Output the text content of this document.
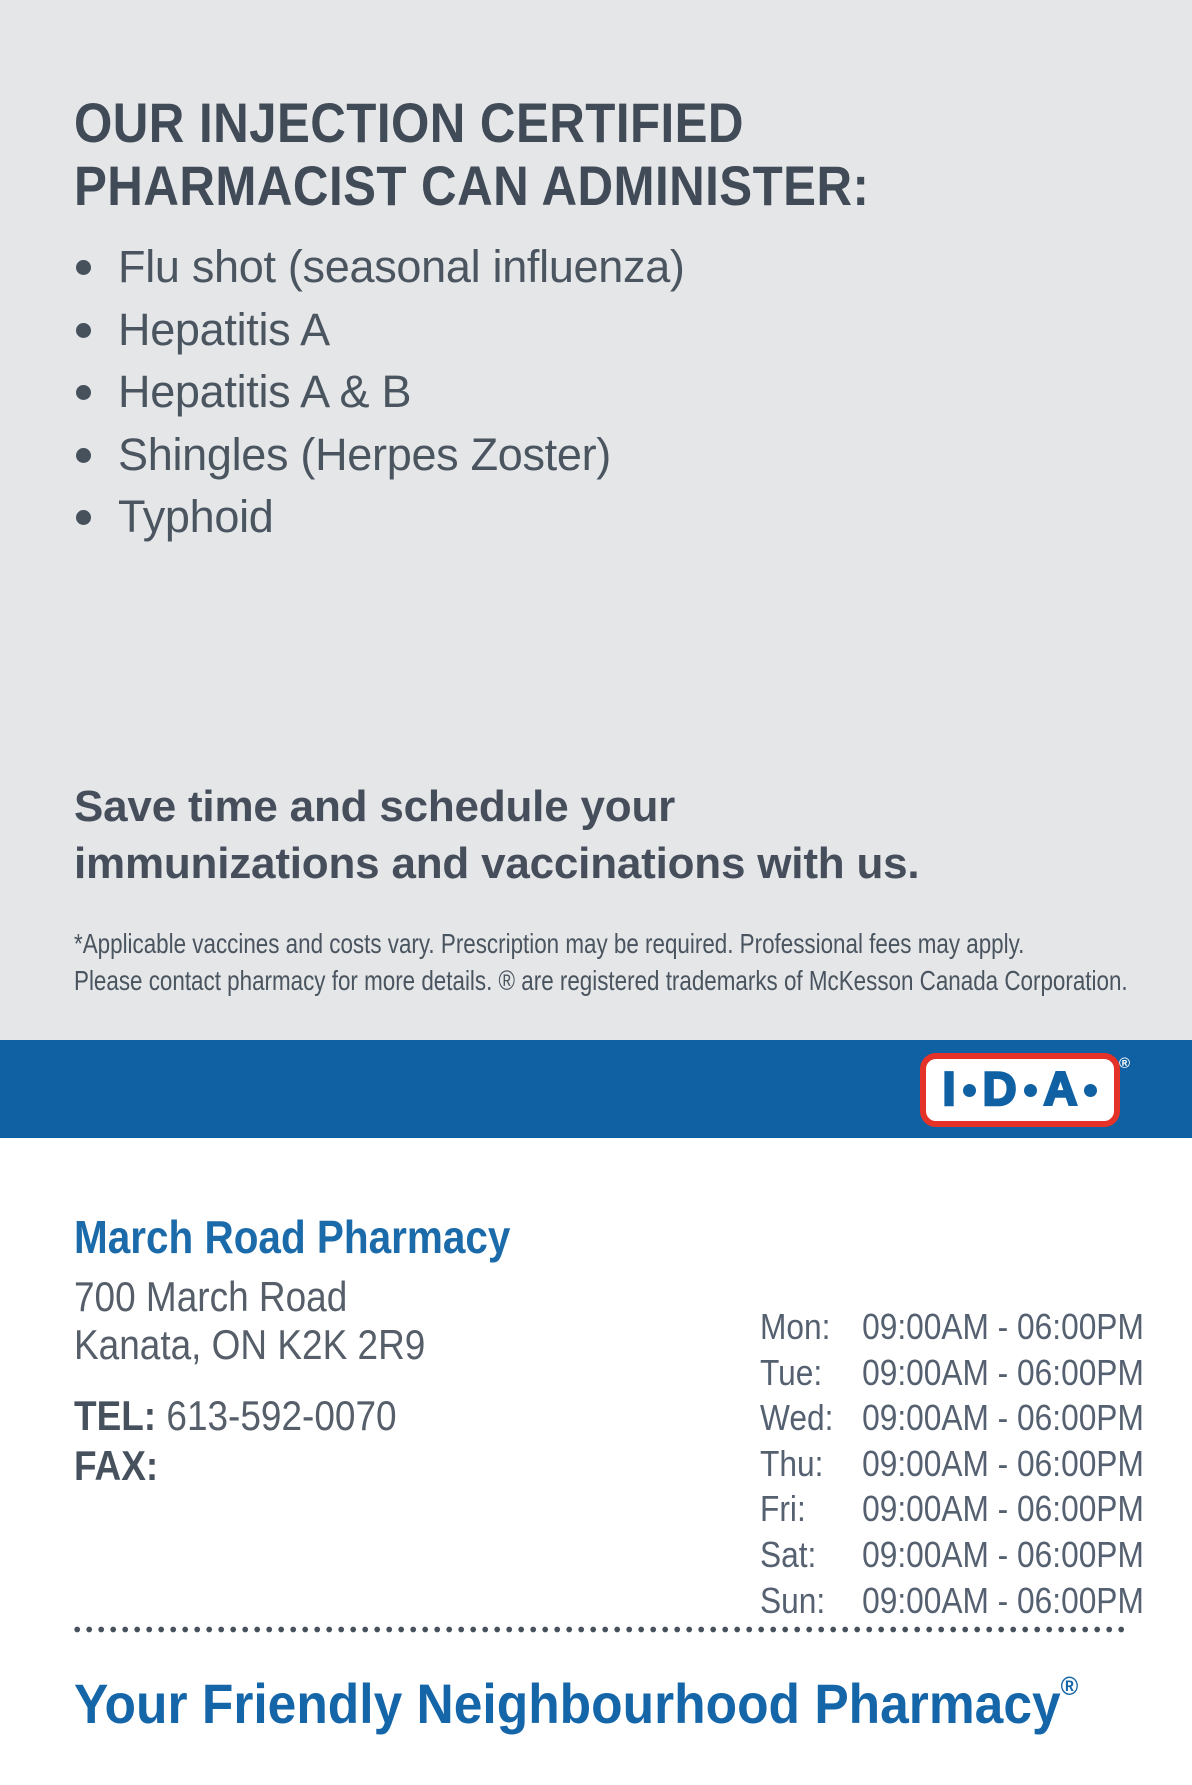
OUR INJECTION CERTIFIED
PHARMACIST CAN ADMINISTER:
Flu shot (seasonal influenza)
Hepatitis A
Hepatitis A & B
Shingles (Herpes Zoster)
Typhoid
Save time and schedule your
immunizations and vaccinations with us.
*Applicable vaccines and costs vary. Prescription may be required. Professional fees may apply.
Please contact pharmacy for more details. ® are registered trademarks of McKesson Canada Corporation.
®
I D A
March Road Pharmacy
700 March Road
Kanata, ON K2K 2R9
TEL: 613-592-0070
FAX:
Mon: 09:00AM - 06:00PM
Tue:	09:00AM - 06:00PM
Wed: 09:00AM - 06:00PM
Thu:	09:00AM - 06:00PM
Fri:	09:00AM - 06:00PM
Sat:	09:00AM - 06:00PM
Sun:	09:00AM - 06:00PM
Your Friendly Neighbourhood Pharmacy®
